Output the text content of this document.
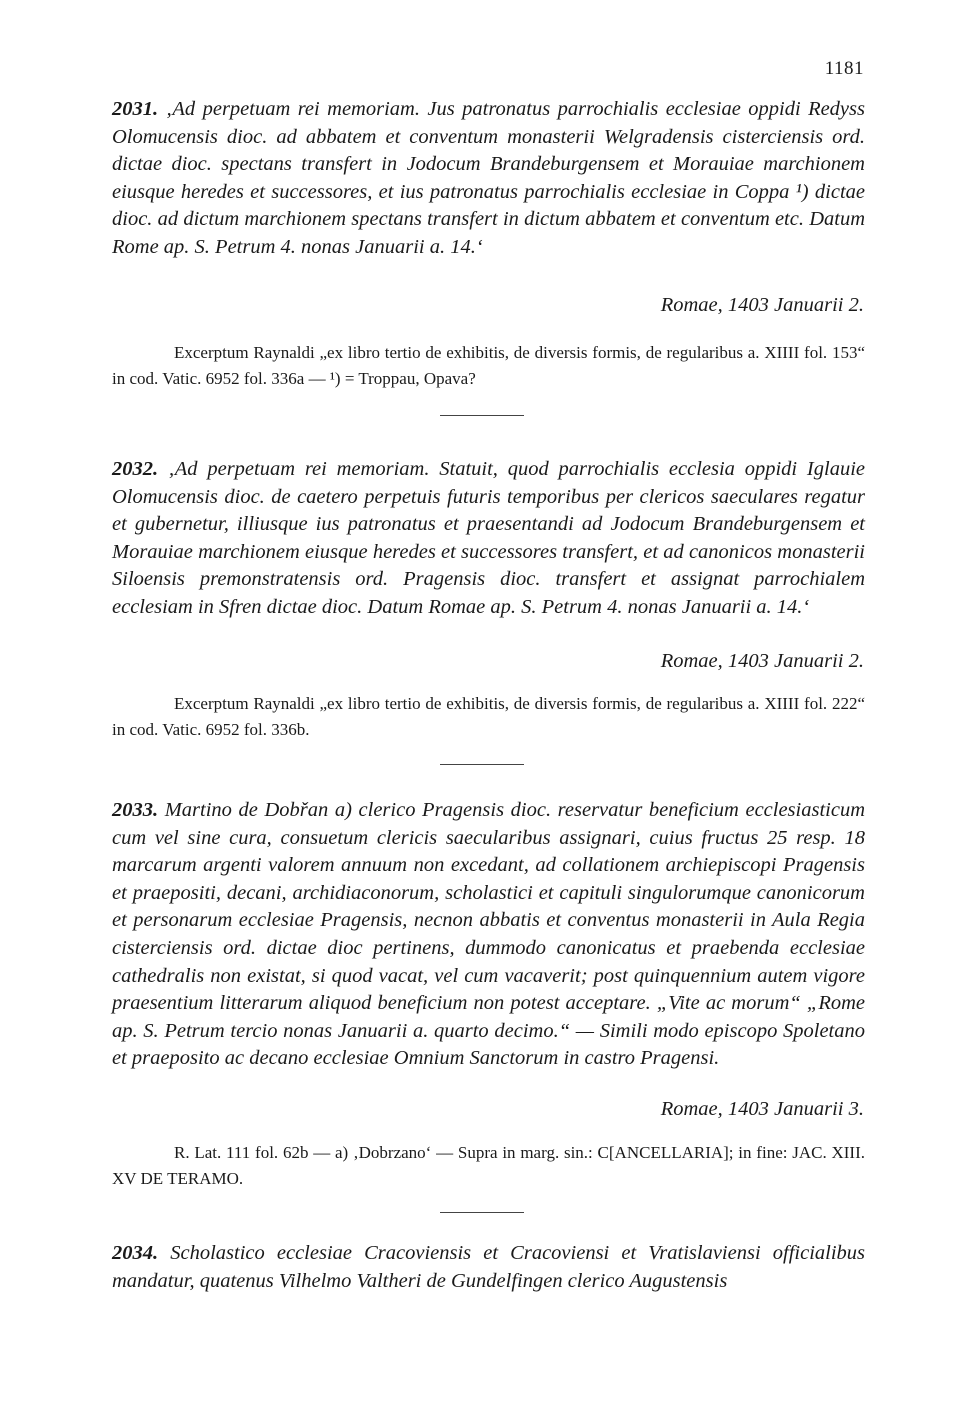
1181

2031. ‚Ad perpetuam rei memoriam. Jus patronatus parrochialis ecclesiae oppidi Redyss Olomucensis dioc. ad abbatem et conventum monasterii Welgradensis cisterciensis ord. dictae dioc. spectans transfert in Jodocum Brandeburgensem et Morauiae marchionem eiusque heredes et successores, et ius patronatus parrochialis ecclesiae in Coppa ¹) dictae dioc. ad dictum marchionem spectans transfert in dictum abbatem et conventum etc. Datum Rome ap. S. Petrum 4. nonas Januarii a. 14.‘

Romae, 1403 Januarii 2.
Excerptum Raynaldi „ex libro tertio de exhibitis, de diversis formis, de regularibus a. XIIII fol. 153“ in cod. Vatic. 6952 fol. 336a — ¹) = Troppau, Opava?

2032. ‚Ad perpetuam rei memoriam. Statuit, quod parrochialis ecclesia oppidi Iglauie Olomucensis dioc. de caetero perpetuis futuris temporibus per clericos saeculares regatur et gubernetur, illiusque ius patronatus et praesentandi ad Jodocum Brandeburgensem et Morauiae marchionem eiusque heredes et successores transfert, et ad canonicos monasterii Siloensis premonstratensis ord. Pragensis dioc. transfert et assignat parrochialem ecclesiam in Sfren dictae dioc. Datum Romae ap. S. Petrum 4. nonas Januarii a. 14.‘

Romae, 1403 Januarii 2.
Excerptum Raynaldi „ex libro tertio de exhibitis, de diversis formis, de regularibus a. XIIII fol. 222“ in cod. Vatic. 6952 fol. 336b.

2033. Martino de Dobřan a) clerico Pragensis dioc. reservatur beneficium ecclesiasticum cum vel sine cura, consuetum clericis saecularibus assignari, cuius fructus 25 resp. 18 marcarum argenti valorem annuum non excedant, ad collationem archiepiscopi Pragensis et praepositi, decani, archidiaconorum, scholastici et capituli singulorumque canonicorum et personarum ecclesiae Pragensis, necnon abbatis et conventus monasterii in Aula Regia cisterciensis ord. dictae dioc pertinens, dummodo canonicatus et praebenda ecclesiae cathedralis non existat, si quod vacat, vel cum vacaverit; post quinquennium autem vigore praesentium litterarum aliquod beneficium non potest acceptare. „Vite ac morum“ „Rome ap. S. Petrum tercio nonas Januarii a. quarto decimo.“ — Simili modo episcopo Spoletano et praeposito ac decano ecclesiae Omnium Sanctorum in castro Pragensi.

Romae, 1403 Januarii 3.
R. Lat. 111 fol. 62b — a) ‚Dobrzano‘ — Supra in marg. sin.: C[ANCELLARIA]; in fine: JAC. XIII. XV DE TERAMO.

2034. Scholastico ecclesiae Cracoviensis et Cracoviensi et Vratislaviensi officialibus mandatur, quatenus Vilhelmo Valtheri de Gundelfingen clerico Augustensis
